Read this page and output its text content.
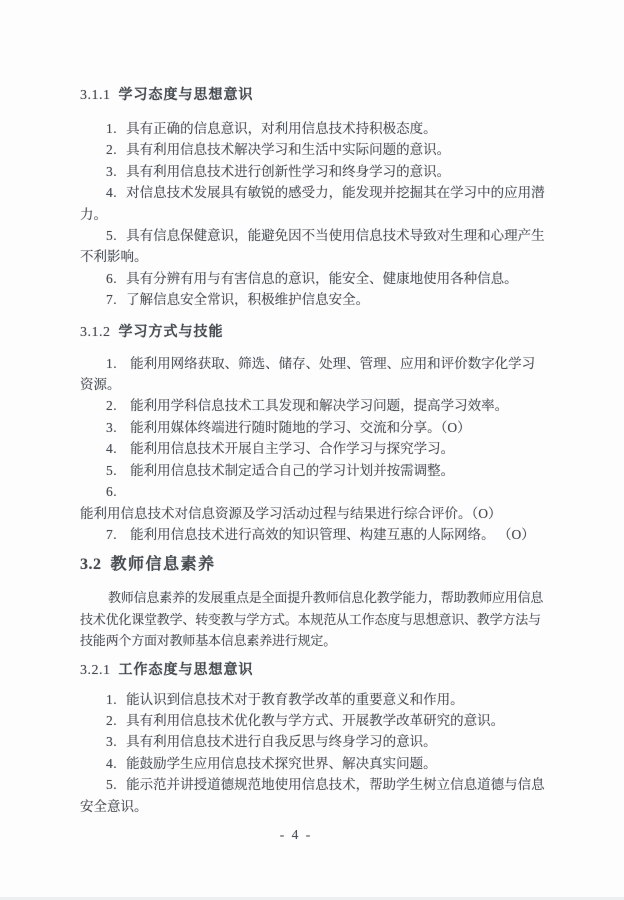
3.1.1 学习态度与思想意识
1. 具有正确的信息意识，对利用信息技术持积极态度。
2. 具有利用信息技术解决学习和生活中实际问题的意识。
3. 具有利用信息技术进行创新性学习和终身学习的意识。
4. 对信息技术发展具有敏锐的感受力，能发现并挖掘其在学习中的应用潜力。
5. 具有信息保健意识，能避免因不当使用信息技术导致对生理和心理产生不利影响。
6. 具有分辨有用与有害信息的意识，能安全、健康地使用各种信息。
7. 了解信息安全常识，积极维护信息安全。
3.1.2 学习方式与技能
1. 能利用网络获取、筛选、储存、处理、管理、应用和评价数字化学习资源。
2. 能利用学科信息技术工具发现和解决学习问题，提高学习效率。
3. 能利用媒体终端进行随时随地的学习、交流和分享。（O）
4. 能利用信息技术开展自主学习、合作学习与探究学习。
5. 能利用信息技术制定适合自己的学习计划并按需调整。
6.能利用信息技术对信息资源及学习活动过程与结果进行综合评价。（O）
7. 能利用信息技术进行高效的知识管理、构建互惠的人际网络。 （O）
3.2 教师信息素养
教师信息素养的发展重点是全面提升教师信息化教学能力，帮助教师应用信息技术优化课堂教学、转变教与学方式。本规范从工作态度与思想意识、教学方法与技能两个方面对教师基本信息素养进行规定。
3.2.1 工作态度与思想意识
1. 能认识到信息技术对于教育教学改革的重要意义和作用。
2. 具有利用信息技术优化教与学方式、开展教学改革研究的意识。
3. 具有利用信息技术进行自我反思与终身学习的意识。
4. 能鼓励学生应用信息技术探究世界、解决真实问题。
5. 能示范并讲授道德规范地使用信息技术，帮助学生树立信息道德与信息安全意识。
- 4 -
